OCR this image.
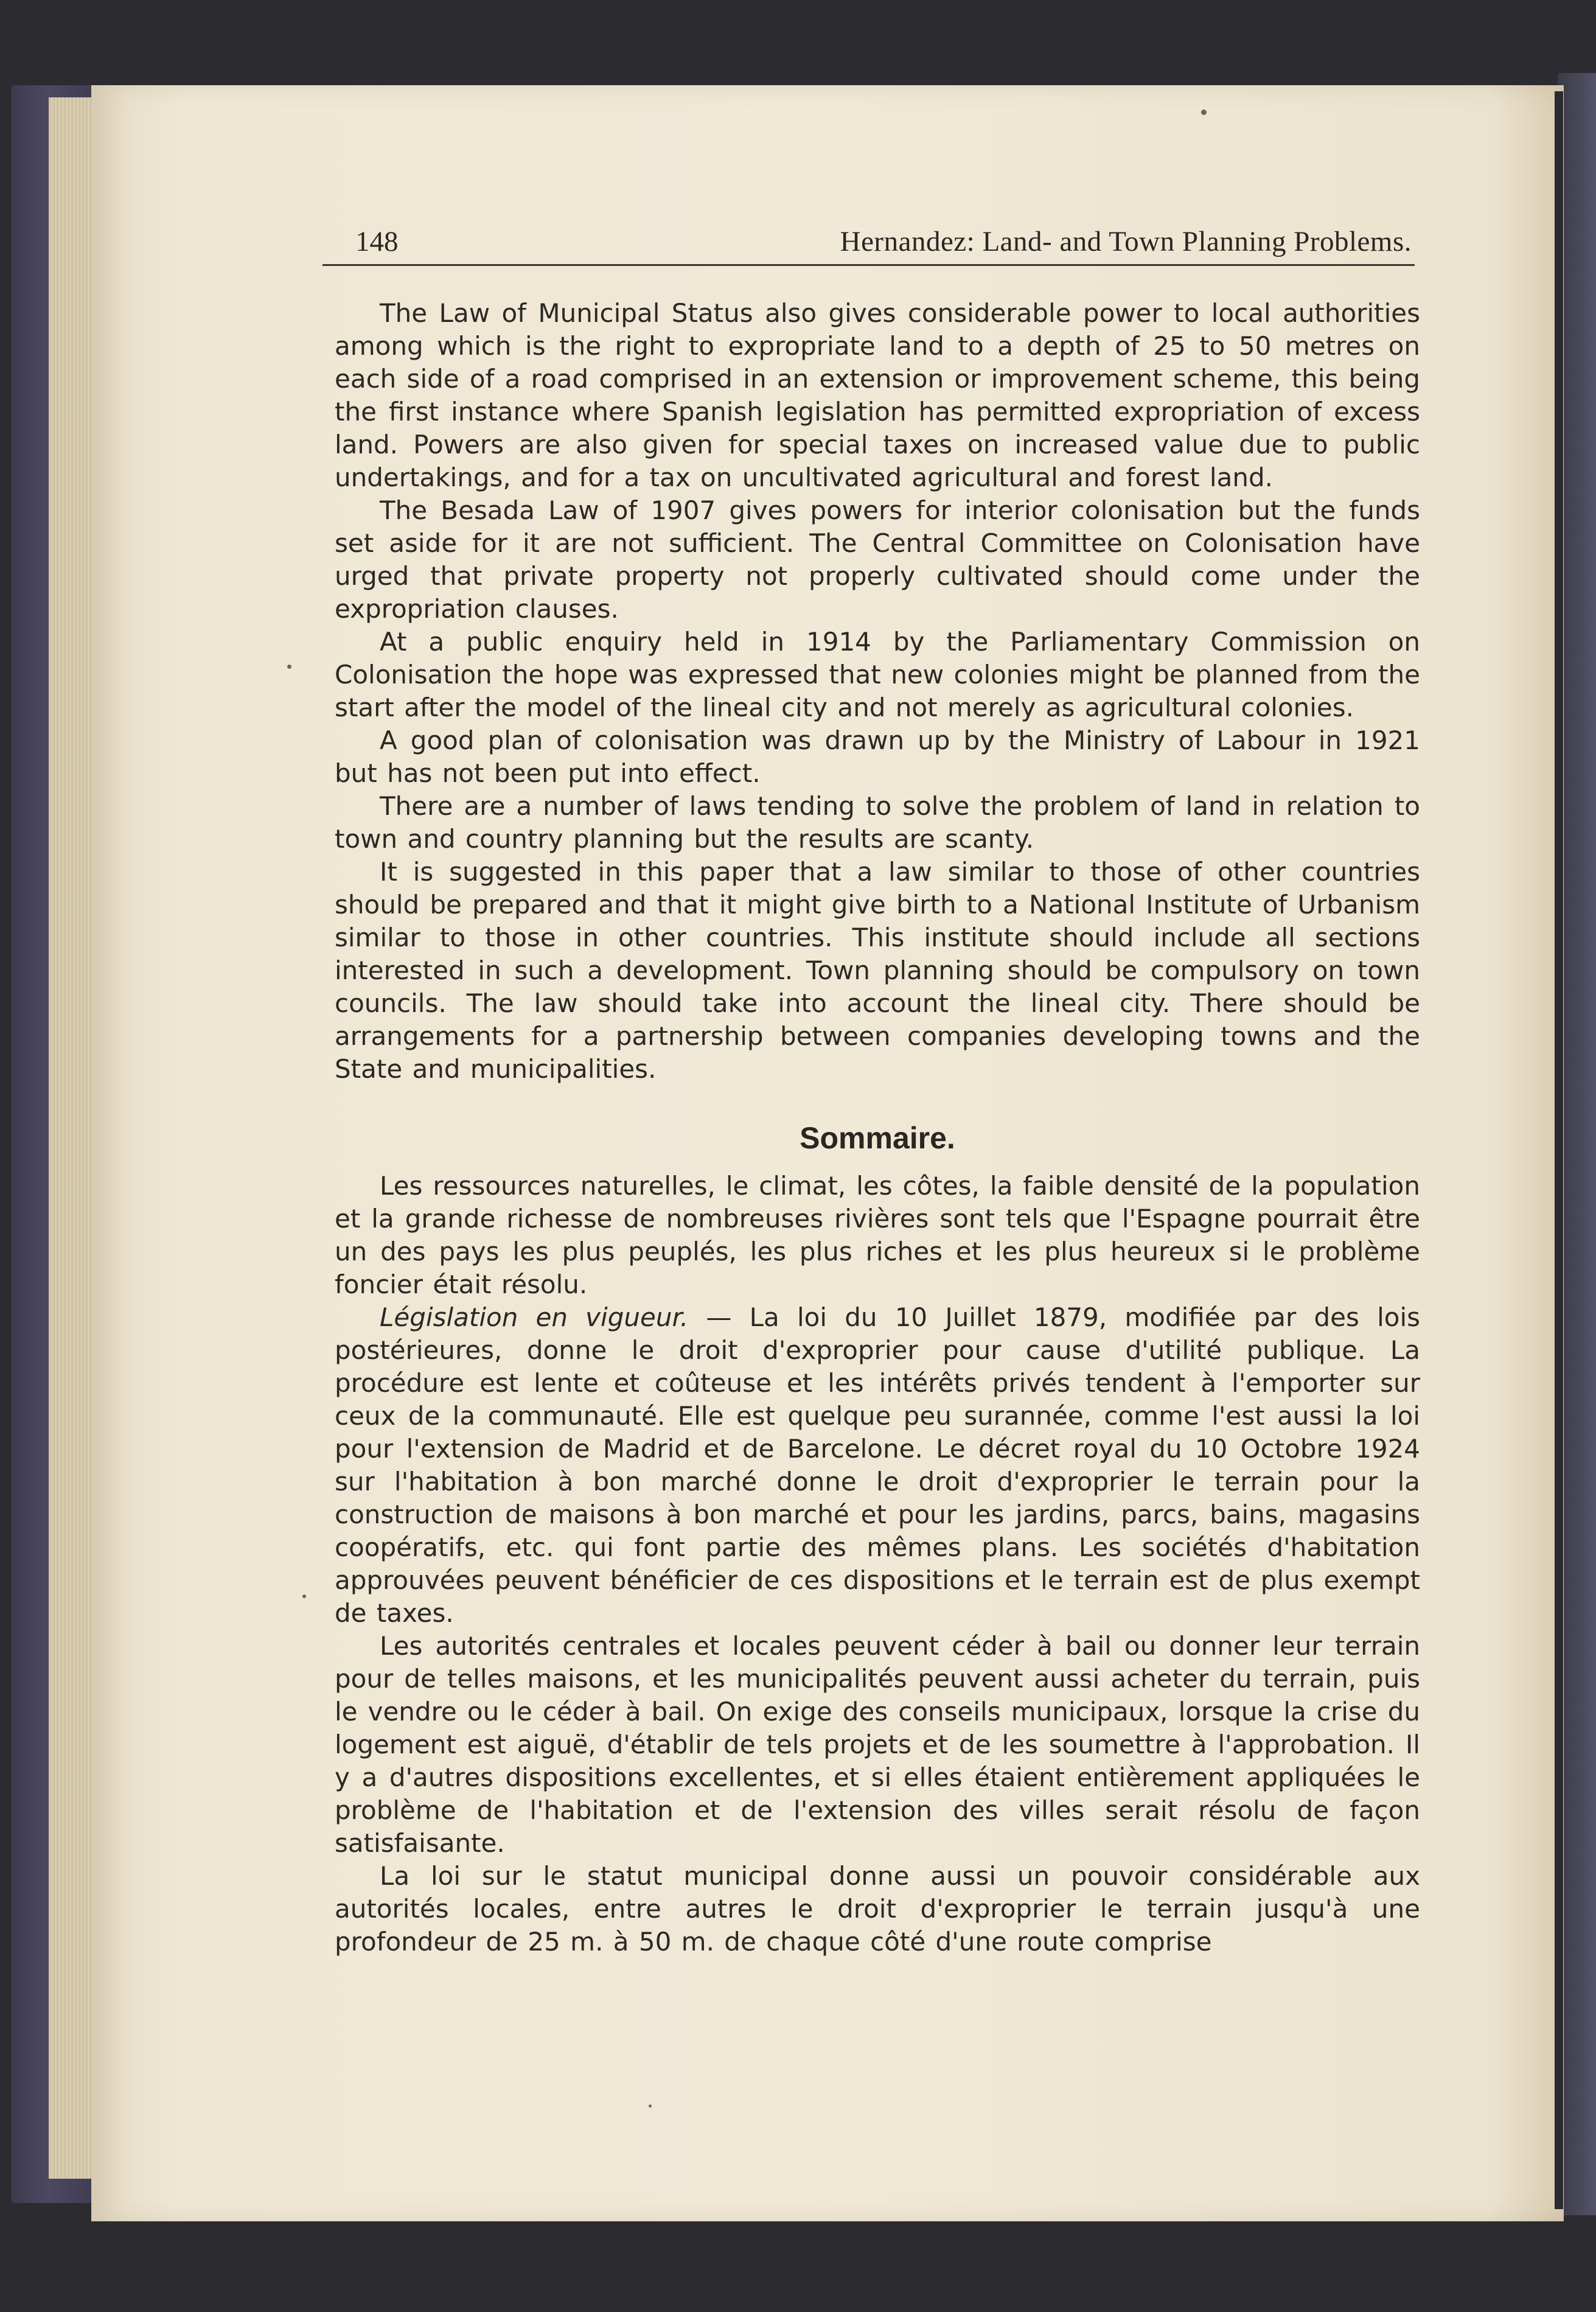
148	Hernandez: Land- and Town Planning Problems.

The Law of Municipal Status also gives considerable power to local authorities among which is the right to expropriate land to a depth of 25 to 50 metres on each side of a road comprised in an extension or improvement scheme, this being the first instance where Spanish legislation has permitted expropriation of excess land. Powers are also given for special taxes on increased value due to public undertakings, and for a tax on uncultivated agricultural and forest land.

The Besada Law of 1907 gives powers for interior colonisation but the funds set aside for it are not sufficient. The Central Committee on Colonisation have urged that private property not properly cultivated should come under the expropriation clauses.

At a public enquiry held in 1914 by the Parliamentary Commission on Colonisation the hope was expressed that new colonies might be planned from the start after the model of the lineal city and not merely as agricultural colonies.

A good plan of colonisation was drawn up by the Ministry of Labour in 1921 but has not been put into effect.

There are a number of laws tending to solve the problem of land in relation to town and country planning but the results are scanty.

It is suggested in this paper that a law similar to those of other countries should be prepared and that it might give birth to a National Institute of Urbanism similar to those in other countries. This institute should include all sections interested in such a development. Town planning should be compulsory on town councils. The law should take into account the lineal city. There should be arrangements for a partnership between companies developing towns and the State and municipalities.

Sommaire.

Les ressources naturelles, le climat, les côtes, la faible densité de la population et la grande richesse de nombreuses rivières sont tels que l'Espagne pourrait être un des pays les plus peuplés, les plus riches et les plus heureux si le problème foncier était résolu.

Législation en vigueur. — La loi du 10 Juillet 1879, modifiée par des lois postérieures, donne le droit d'exproprier pour cause d'utilité publique. La procédure est lente et coûteuse et les intérêts privés tendent à l'emporter sur ceux de la communauté. Elle est quelque peu surannée, comme l'est aussi la loi pour l'extension de Madrid et de Barcelone. Le décret royal du 10 Octobre 1924 sur l'habitation à bon marché donne le droit d'exproprier le terrain pour la construction de maisons à bon marché et pour les jardins, parcs, bains, magasins coopératifs, etc. qui font partie des mêmes plans. Les sociétés d'habitation approuvées peuvent bénéficier de ces dispositions et le terrain est de plus exempt de taxes.

Les autorités centrales et locales peuvent céder à bail ou donner leur terrain pour de telles maisons, et les municipalités peuvent aussi acheter du terrain, puis le vendre ou le céder à bail. On exige des conseils municipaux, lorsque la crise du logement est aiguë, d'établir de tels projets et de les soumettre à l'approbation. Il y a d'autres dispositions excellentes, et si elles étaient entièrement appliquées le problème de l'habitation et de l'extension des villes serait résolu de façon satisfaisante.

La loi sur le statut municipal donne aussi un pouvoir considérable aux autorités locales, entre autres le droit d'exproprier le terrain jusqu'à une profondeur de 25 m. à 50 m. de chaque côté d'une route comprise
